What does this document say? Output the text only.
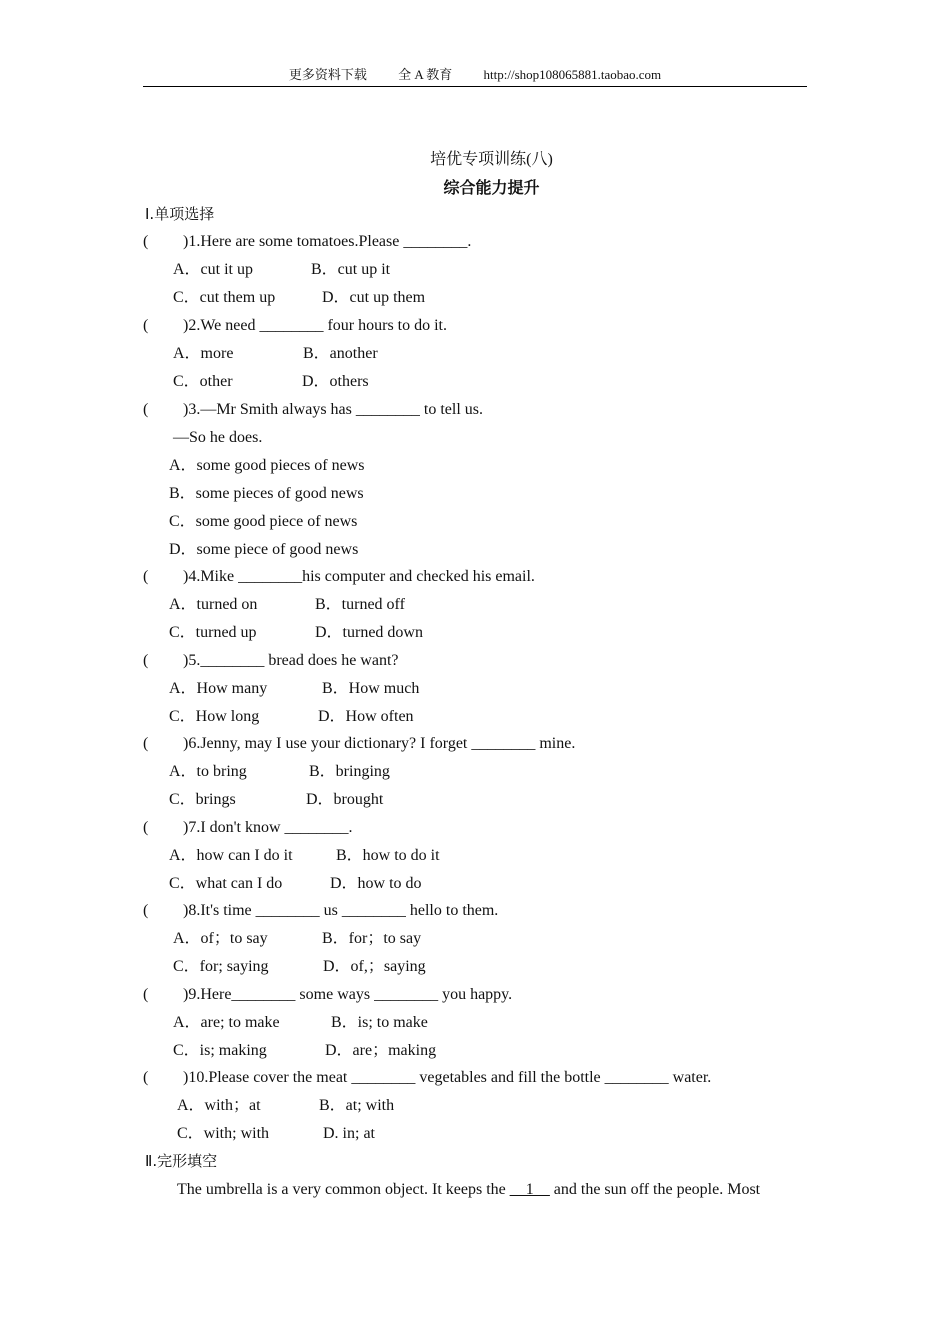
更多资料下载 全 A 教育 http://shop108065881.taobao.com
培优专项训练(八)
综合能力提升
Ⅰ.单项选择
( )1.Here are some tomatoes.Please ________.
A．cut it up	B．cut up it
C．cut them up	D．cut up them
( )2.We need ________ four hours to do it.
A．more	B．another
C．other	D．others
( )3.—Mr Smith always has ________ to tell us.
—So he does.
A．some good pieces of news
B．some pieces of good news
C．some good piece of news
D．some piece of good news
( )4.Mike ________his computer and checked his email.
A．turned on	B．turned off
C．turned up	D．turned down
( )5.________ bread does he want?
A．How many	B．How much
C．How long	D．How often
( )6.Jenny, may I use your dictionary? I forget ________ mine.
A．to bring	B．bringing
C．brings	D．brought
( )7.I don't know ________.
A．how can I do it	B．how to do it
C．what can I do	D．how to do
( )8.It's time ________ us ________ hello to them.
A．of；to say	B．for；to say
C．for; saying	D．of,；saying
( )9.Here________ some ways ________ you happy.
A．are; to make	B．is; to make
C．is; making	D．are；making
( )10.Please cover the meat ________ vegetables and fill the bottle ________ water.
A．with；at	B．at; with
C．with; with	D. in; at
Ⅱ.完形填空
The umbrella is a very common object. It keeps the __1__ and the sun off the people. Most
